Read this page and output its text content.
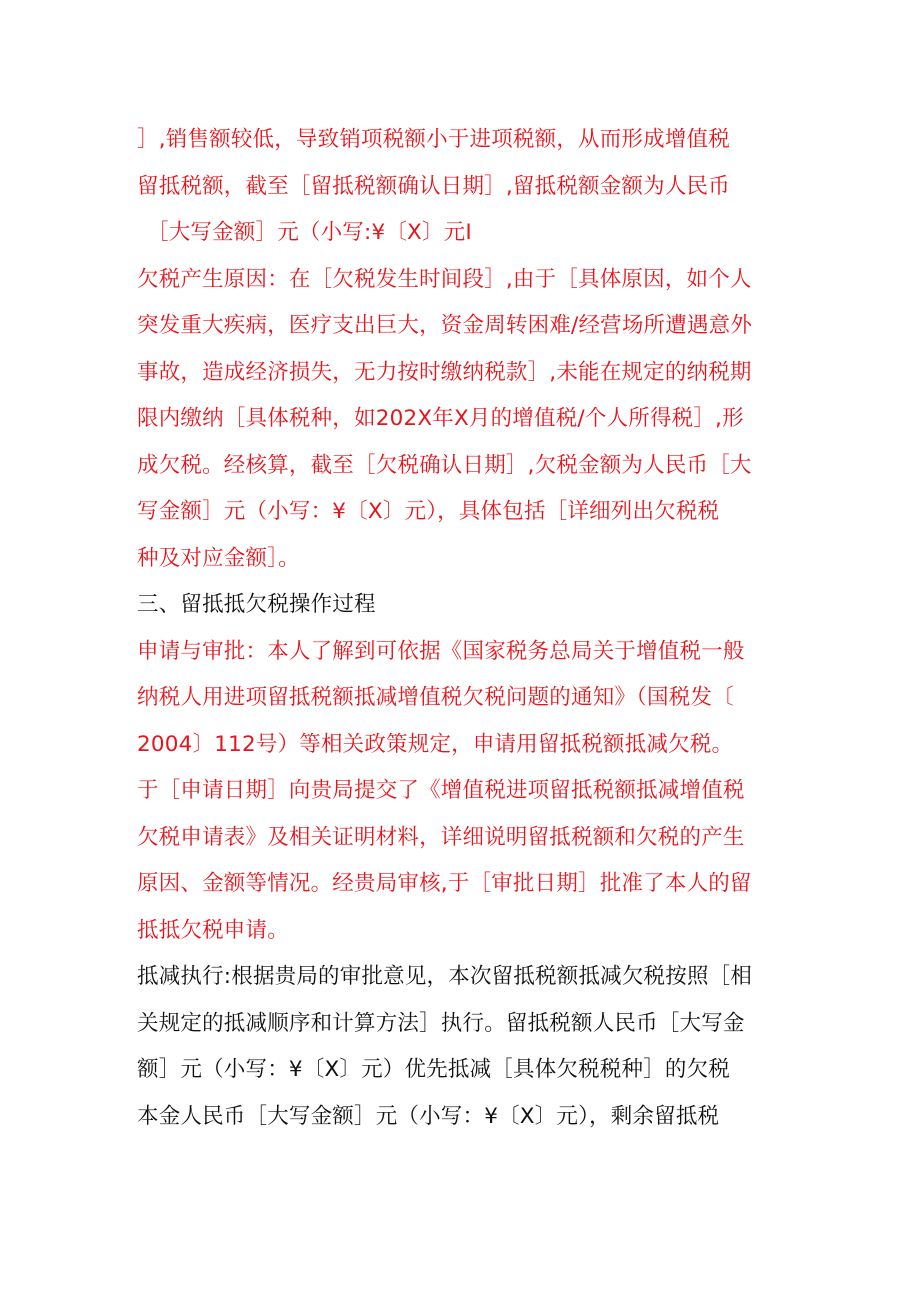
］,销售额较低，导致销项税额小于进项税额，从而形成增值税
留抵税额，截至［留抵税额确认日期］,留抵税额金额为人民币
［大写金额］元（小写:¥〔X〕元I
欠税产生原因：在［欠税发生时间段］,由于［具体原因，如个人
突发重大疾病，医疗支出巨大，资金周转困难/经营场所遭遇意外
事故，造成经济损失，无力按时缴纳税款］,未能在规定的纳税期
限内缴纳［具体税种，如202X年X月的增值税/个人所得税］,形
成欠税。经核算，截至［欠税确认日期］,欠税金额为人民币［大
写金额］元（小写：¥〔X〕元），具体包括［详细列出欠税税
种及对应金额］。
三、留抵抵欠税操作过程
申请与审批：本人了解到可依据《国家税务总局关于增值税一般
纳税人用进项留抵税额抵减增值税欠税问题的通知》（国税发〔
2004〕112号）等相关政策规定，申请用留抵税额抵减欠税。
于［申请日期］向贵局提交了《增值税进项留抵税额抵减增值税
欠税申请表》及相关证明材料，详细说明留抵税额和欠税的产生
原因、金额等情况。经贵局审核,于［审批日期］批准了本人的留
抵抵欠税申请。
抵减执行:根据贵局的审批意见，本次留抵税额抵减欠税按照［相
关规定的抵减顺序和计算方法］执行。留抵税额人民币［大写金
额］元（小写：¥〔X〕元）优先抵减［具体欠税税种］的欠税
本金人民币［大写金额］元（小写：¥〔X〕元），剩余留抵税
